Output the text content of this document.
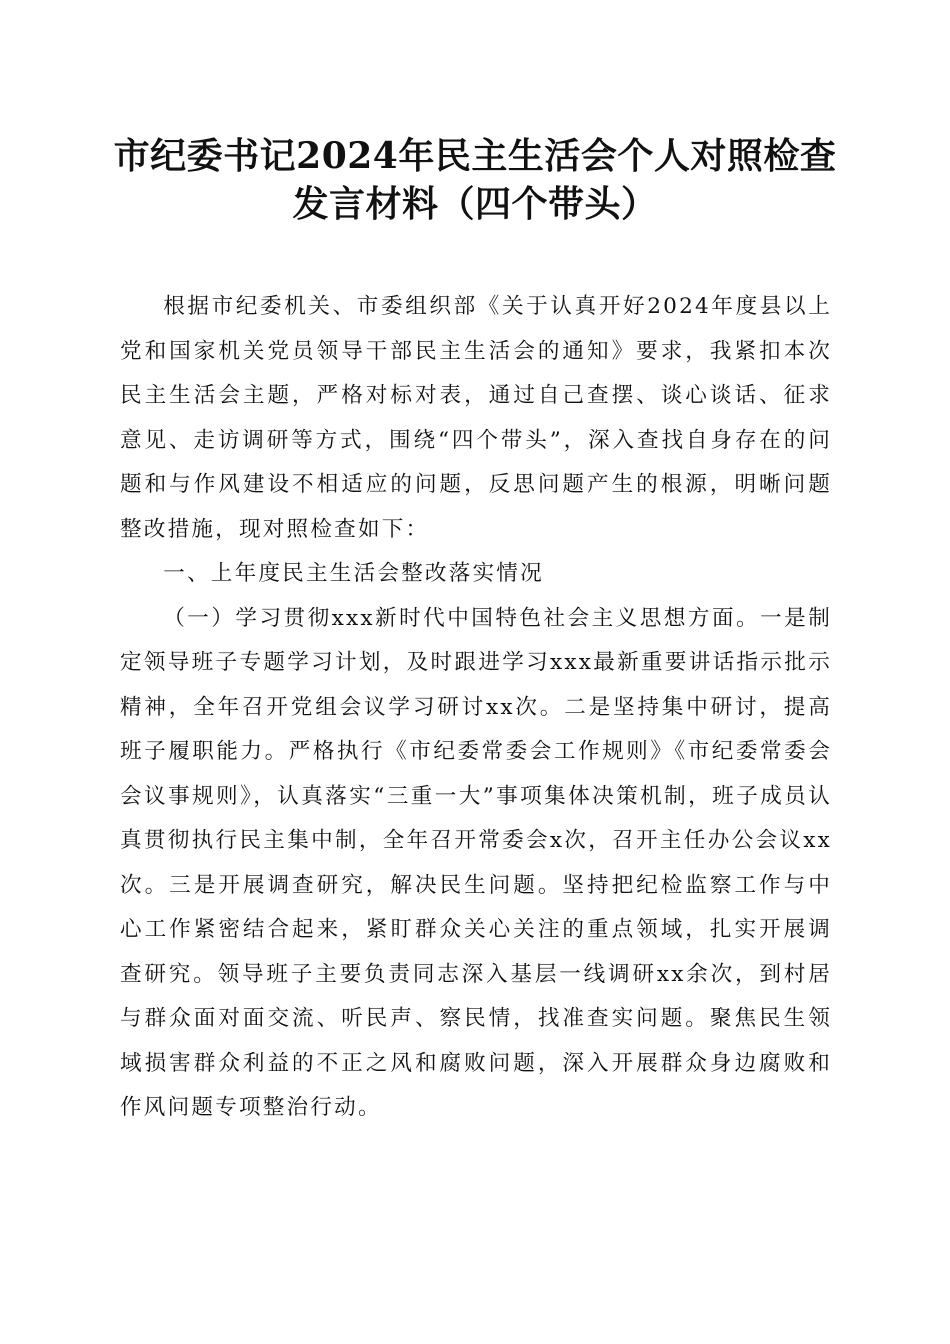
市纪委书记2024年民主生活会个人对照检查
发言材料（四个带头）

根据市纪委机关、市委组织部《关于认真开好2024年度县以上党和国家机关党员领导干部民主生活会的通知》要求，我紧扣本次民主生活会主题，严格对标对表，通过自己查摆、谈心谈话、征求意见、走访调研等方式，围绕“四个带头”，深入查找自身存在的问题和与作风建设不相适应的问题，反思问题产生的根源，明晰问题整改措施，现对照检查如下：

一、上年度民主生活会整改落实情况

（一）学习贯彻xxx新时代中国特色社会主义思想方面。一是制定领导班子专题学习计划，及时跟进学习xxx最新重要讲话指示批示精神，全年召开党组会议学习研讨xx次。二是坚持集中研讨，提高班子履职能力。严格执行《市纪委常委会工作规则》《市纪委常委会会议事规则》，认真落实“三重一大”事项集体决策机制，班子成员认真贯彻执行民主集中制，全年召开常委会x次，召开主任办公会议xx次。三是开展调查研究，解决民生问题。坚持把纪检监察工作与中心工作紧密结合起来，紧盯群众关心关注的重点领域，扎实开展调查研究。领导班子主要负责同志深入基层一线调研xx余次，到村居与群众面对面交流、听民声、察民情，找准查实问题。聚焦民生领域损害群众利益的不正之风和腐败问题，深入开展群众身边腐败和作风问题专项整治行动。
